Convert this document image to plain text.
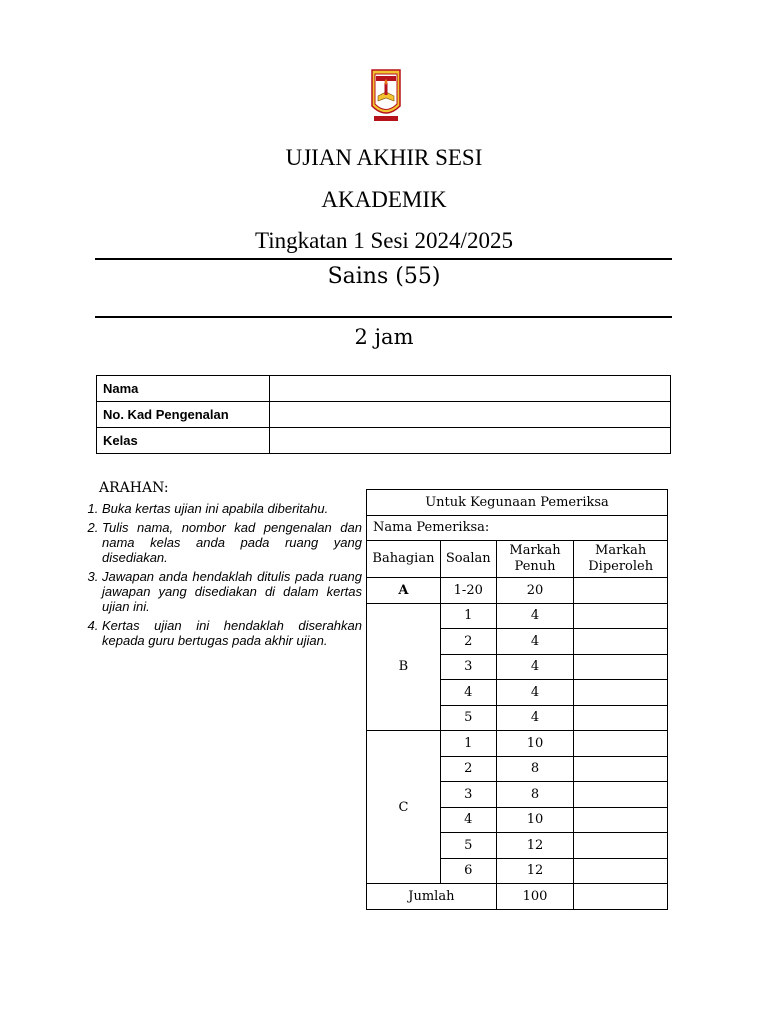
UJIAN AKHIR SESI
AKADEMIK
Tingkatan 1 Sesi 2024/2025
Sains (55)
2 jam
Nama	
No. Kad Pengenalan	
Kelas	
ARAHAN:
1. Buka kertas ujian ini apabila diberitahu.
2. Tulis nama, nombor kad pengenalan dan nama kelas anda pada ruang yang disediakan.
3. Jawapan anda hendaklah ditulis pada ruang jawapan yang disediakan di dalam kertas ujian ini.
4. Kertas ujian ini hendaklah diserahkan kepada guru bertugas pada akhir ujian.
Untuk Kegunaan Pemeriksa			
Nama Pemeriksa:			
Bahagian	Soalan	Markah Penuh	Markah Diperoleh
A	1-20	20	
B	1	4	
	2	4	
	3	4	
	4	4	
	5	4	
C	1	10	
	2	8	
	3	8	
	4	10	
	5	12	
	6	12	
Jumlah		100	
